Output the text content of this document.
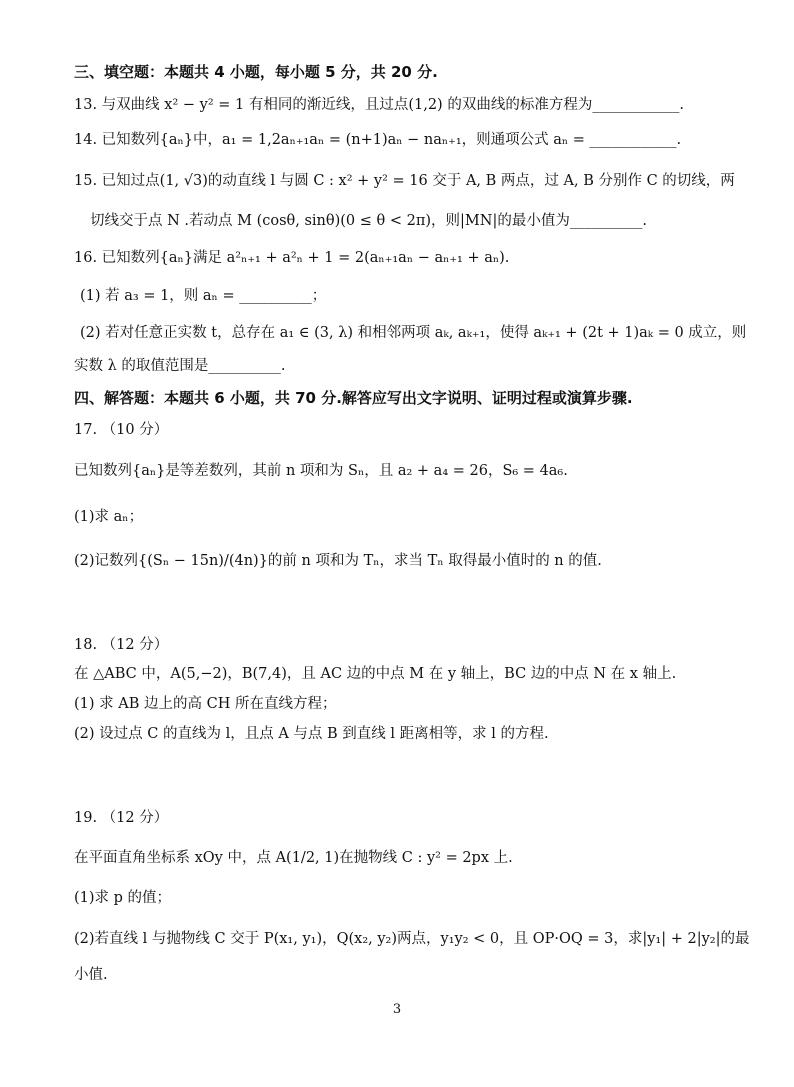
三、填空题：本题共 4 小题，每小题 5 分，共 20 分.
13. 与双曲线 x² − y² = 1 有相同的渐近线，且过点(1,2) 的双曲线的标准方程为____________.
14. 已知数列{aₙ}中，a₁ = 1,2aₙ₊₁aₙ = (n+1)aₙ − naₙ₊₁，则通项公式 aₙ = ____________.
15. 已知过点(1, √3)的动直线 l 与圆 C : x² + y² = 16 交于 A, B 两点，过 A, B 分别作 C 的切线，两
切线交于点 N .若动点 M (cosθ, sinθ)(0 ≤ θ < 2π)，则|MN|的最小值为__________.
16. 已知数列{aₙ}满足 a²ₙ₊₁ + a²ₙ + 1 = 2(aₙ₊₁aₙ − aₙ₊₁ + aₙ).
(1) 若 a₃ = 1，则 aₙ = __________；
(2) 若对任意正实数 t，总存在 a₁ ∈ (3, λ) 和相邻两项 aₖ, aₖ₊₁，使得 aₖ₊₁ + (2t + 1)aₖ = 0 成立，则
实数 λ 的取值范围是__________.
四、解答题：本题共 6 小题，共 70 分.解答应写出文字说明、证明过程或演算步骤.
17. （10 分）
已知数列{aₙ}是等差数列，其前 n 项和为 Sₙ，且 a₂ + a₄ = 26，S₆ = 4a₆.
(1)求 aₙ；
(2)记数列{(Sₙ − 15n)/(4n)}的前 n 项和为 Tₙ，求当 Tₙ 取得最小值时的 n 的值.
18. （12 分）
在 △ABC 中，A(5,−2)，B(7,4)，且 AC 边的中点 M 在 y 轴上，BC 边的中点 N 在 x 轴上.
(1) 求 AB 边上的高 CH 所在直线方程；
(2) 设过点 C 的直线为 l，且点 A 与点 B 到直线 l 距离相等，求 l 的方程.
19. （12 分）
在平面直角坐标系 xOy 中，点 A(1/2, 1)在抛物线 C : y² = 2px 上.
(1)求 p 的值；
(2)若直线 l 与抛物线 C 交于 P(x₁, y₁)，Q(x₂, y₂)两点，y₁y₂ < 0，且 OP·OQ = 3，求|y₁| + 2|y₂|的最
小值.
3
